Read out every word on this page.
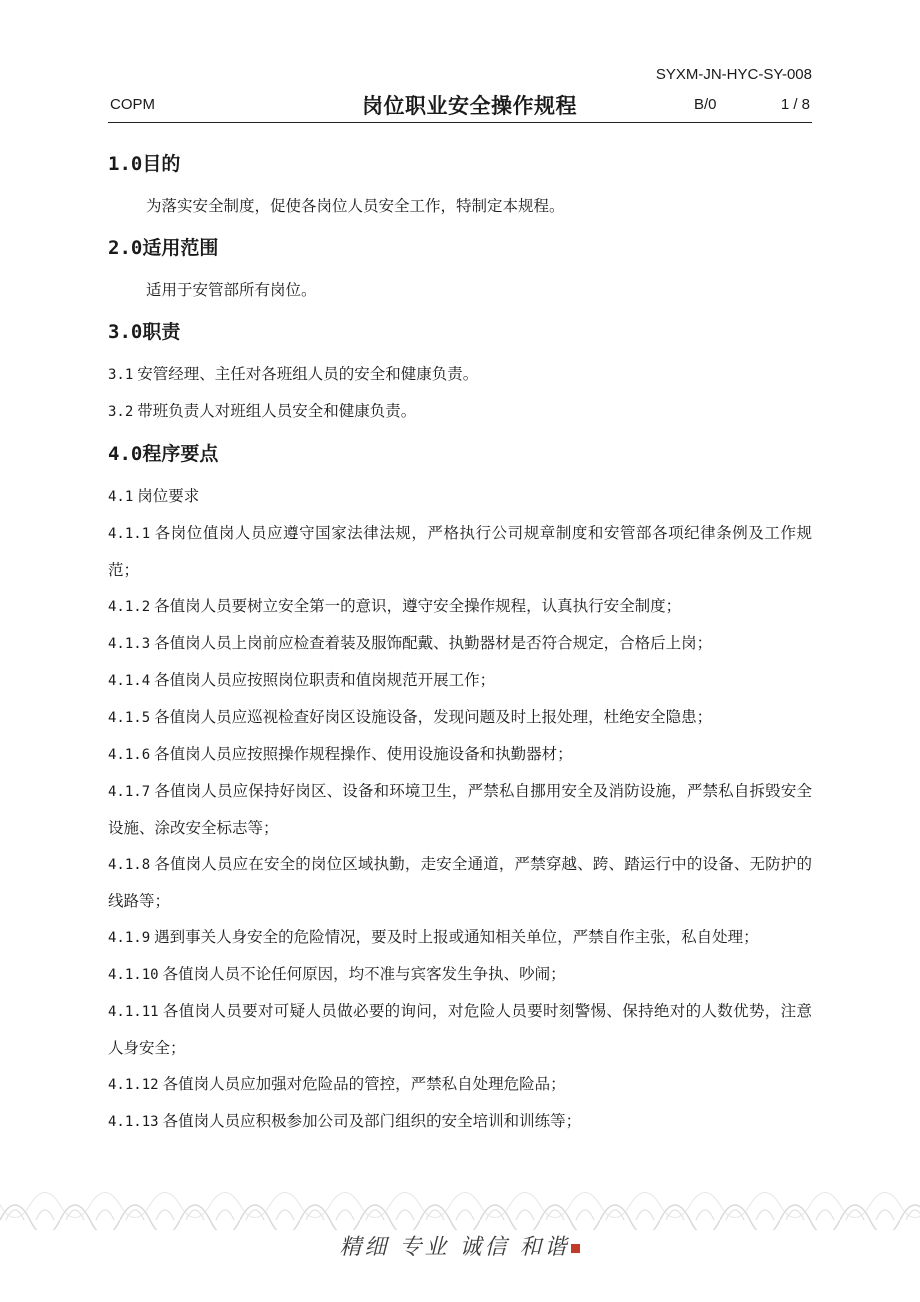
SYXM-JN-HYC-SY-008
COPM	岗位职业安全操作规程	B/0	1 / 8
1.0目的

为落实安全制度，促使各岗位人员安全工作，特制定本规程。

2.0适用范围

适用于安管部所有岗位。

3.0职责

3.1 安管经理、主任对各班组人员的安全和健康负责。

3.2 带班负责人对班组人员安全和健康负责。

4.0程序要点

4.1 岗位要求

4.1.1 各岗位值岗人员应遵守国家法律法规，严格执行公司规章制度和安管部各项纪律条例及工作规范；

4.1.2 各值岗人员要树立安全第一的意识，遵守安全操作规程，认真执行安全制度；

4.1.3 各值岗人员上岗前应检查着装及服饰配戴、执勤器材是否符合规定，合格后上岗；

4.1.4 各值岗人员应按照岗位职责和值岗规范开展工作；

4.1.5 各值岗人员应巡视检查好岗区设施设备，发现问题及时上报处理，杜绝安全隐患；

4.1.6 各值岗人员应按照操作规程操作、使用设施设备和执勤器材；

4.1.7 各值岗人员应保持好岗区、设备和环境卫生，严禁私自挪用安全及消防设施，严禁私自拆毁安全设施、涂改安全标志等；

4.1.8 各值岗人员应在安全的岗位区域执勤，走安全通道，严禁穿越、跨、踏运行中的设备、无防护的线路等；

4.1.9 遇到事关人身安全的危险情况，要及时上报或通知相关单位，严禁自作主张，私自处理；

4.1.10 各值岗人员不论任何原因，均不准与宾客发生争执、吵闹；

4.1.11 各值岗人员要对可疑人员做必要的询问，对危险人员要时刻警惕、保持绝对的人数优势，注意人身安全；

4.1.12 各值岗人员应加强对危险品的管控，严禁私自处理危险品；

4.1.13 各值岗人员应积极参加公司及部门组织的安全培训和训练等；

精细 专业 诚信 和谐
